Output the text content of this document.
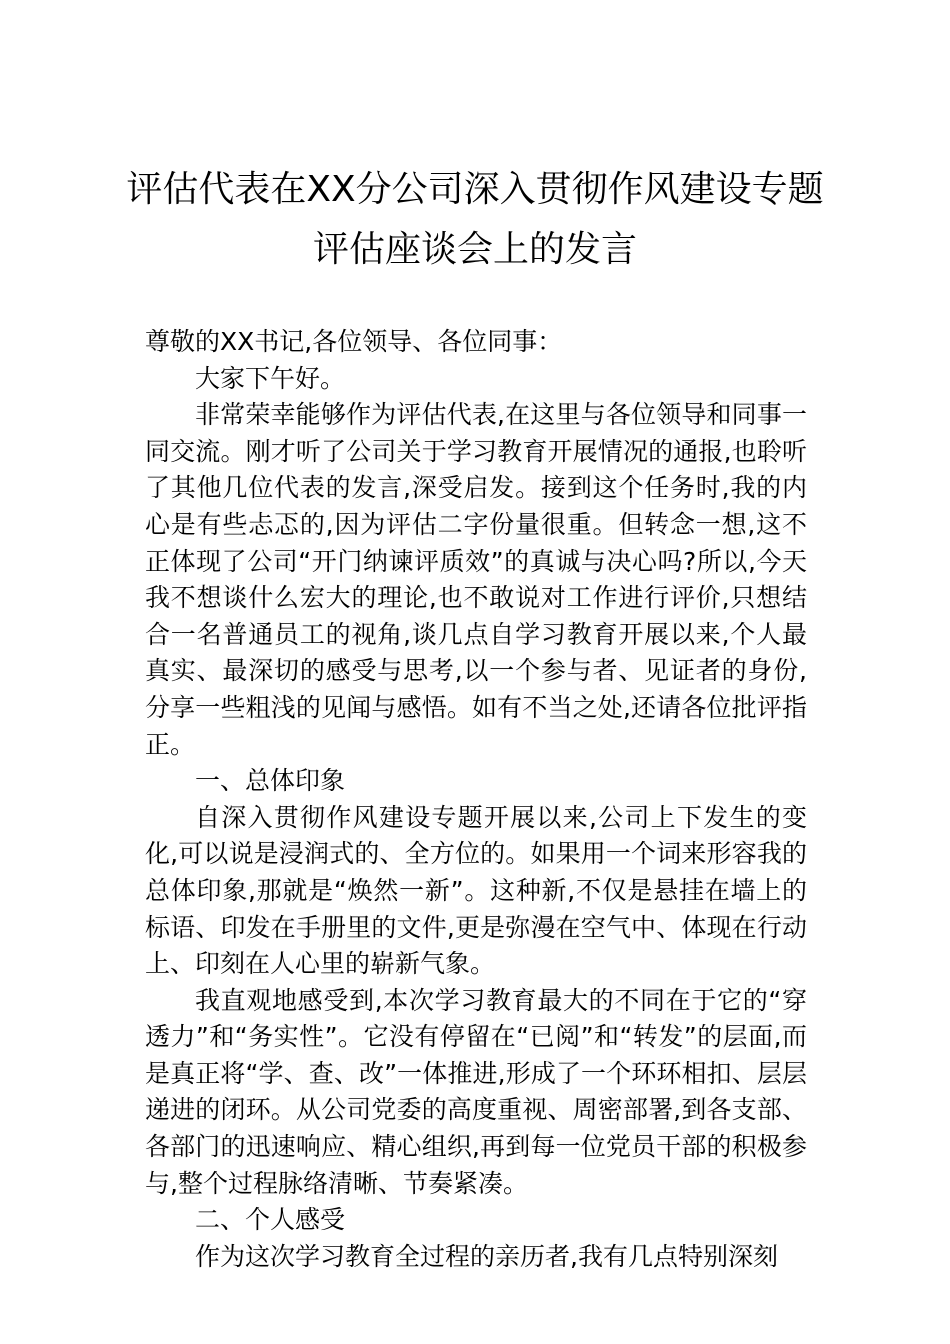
评估代表在XX分公司深入贯彻作风建设专题评估座谈会上的发言

尊敬的XX书记,各位领导、各位同事：

大家下午好。

非常荣幸能够作为评估代表,在这里与各位领导和同事一同交流。刚才听了公司关于学习教育开展情况的通报,也聆听了其他几位代表的发言,深受启发。接到这个任务时,我的内心是有些忐忑的,因为评估二字份量很重。但转念一想,这不正体现了公司“开门纳谏评质效”的真诚与决心吗?所以,今天我不想谈什么宏大的理论,也不敢说对工作进行评价,只想结合一名普通员工的视角,谈几点自学习教育开展以来,个人最真实、最深切的感受与思考,以一个参与者、见证者的身份,分享一些粗浅的见闻与感悟。如有不当之处,还请各位批评指正。

一、总体印象

自深入贯彻作风建设专题开展以来,公司上下发生的变化,可以说是浸润式的、全方位的。如果用一个词来形容我的总体印象,那就是“焕然一新”。这种新,不仅是悬挂在墙上的标语、印发在手册里的文件,更是弥漫在空气中、体现在行动上、印刻在人心里的崭新气象。

我直观地感受到,本次学习教育最大的不同在于它的“穿透力”和“务实性”。它没有停留在“已阅”和“转发”的层面,而是真正将“学、查、改”一体推进,形成了一个环环相扣、层层递进的闭环。从公司党委的高度重视、周密部署,到各支部、各部门的迅速响应、精心组织,再到每一位党员干部的积极参与,整个过程脉络清晰、节奏紧凑。

二、个人感受

作为这次学习教育全过程的亲历者,我有几点特别深刻
